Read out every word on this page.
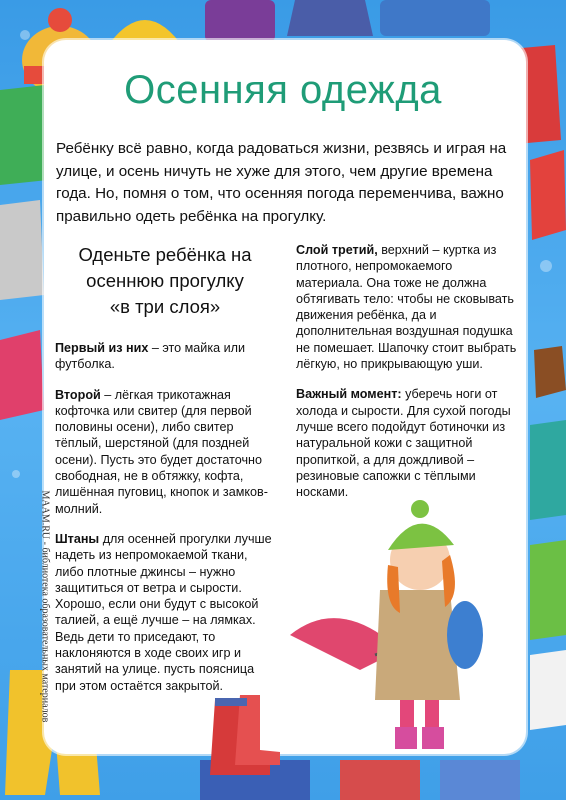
MAAM.RU - библиотека образовательных материалов
Осенняя одежда

Ребёнку всё равно, когда радоваться жизни, резвясь и играя на улице, и осень ничуть не хуже для этого, чем другие времена года. Но, помня о том, что осенняя погода переменчива, важно правильно одеть ребёнка на прогулку.

Оденьте ребёнка на
осеннюю прогулку
«в три слоя»

Первый из них – это майка или футболка.

Второй – лёгкая трикотажная кофточка или свитер (для первой половины осени), либо свитер тёплый, шерстяной (для поздней осени). Пусть это будет достаточно свободная, не в обтяжку, кофта, лишённая пуговиц, кнопок и замков-молний.

Штаны для осенней прогулки лучше надеть из непромокаемой ткани, либо плотные джинсы – нужно защититься от ветра и сырости. Хорошо, если они будут с высокой талией, а ещё лучше – на лямках. Ведь дети то приседают, то наклоняются в ходе своих игр и занятий на улице. пусть поясница при этом остаётся закрытой.

Слой третий, верхний – куртка из плотного, непромокаемого материала. Она тоже не должна обтягивать тело: чтобы не сковывать движения ребёнка, да и дополнительная воздушная подушка не помешает. Шапочку стоит выбрать лёгкую, но прикрывающую уши.

Важный момент: уберечь ноги от холода и сырости. Для сухой погоды лучше всего подойдут ботиночки из натуральной кожи с защитной пропиткой, а для дождливой – резиновые сапожки с тёплыми носками.
